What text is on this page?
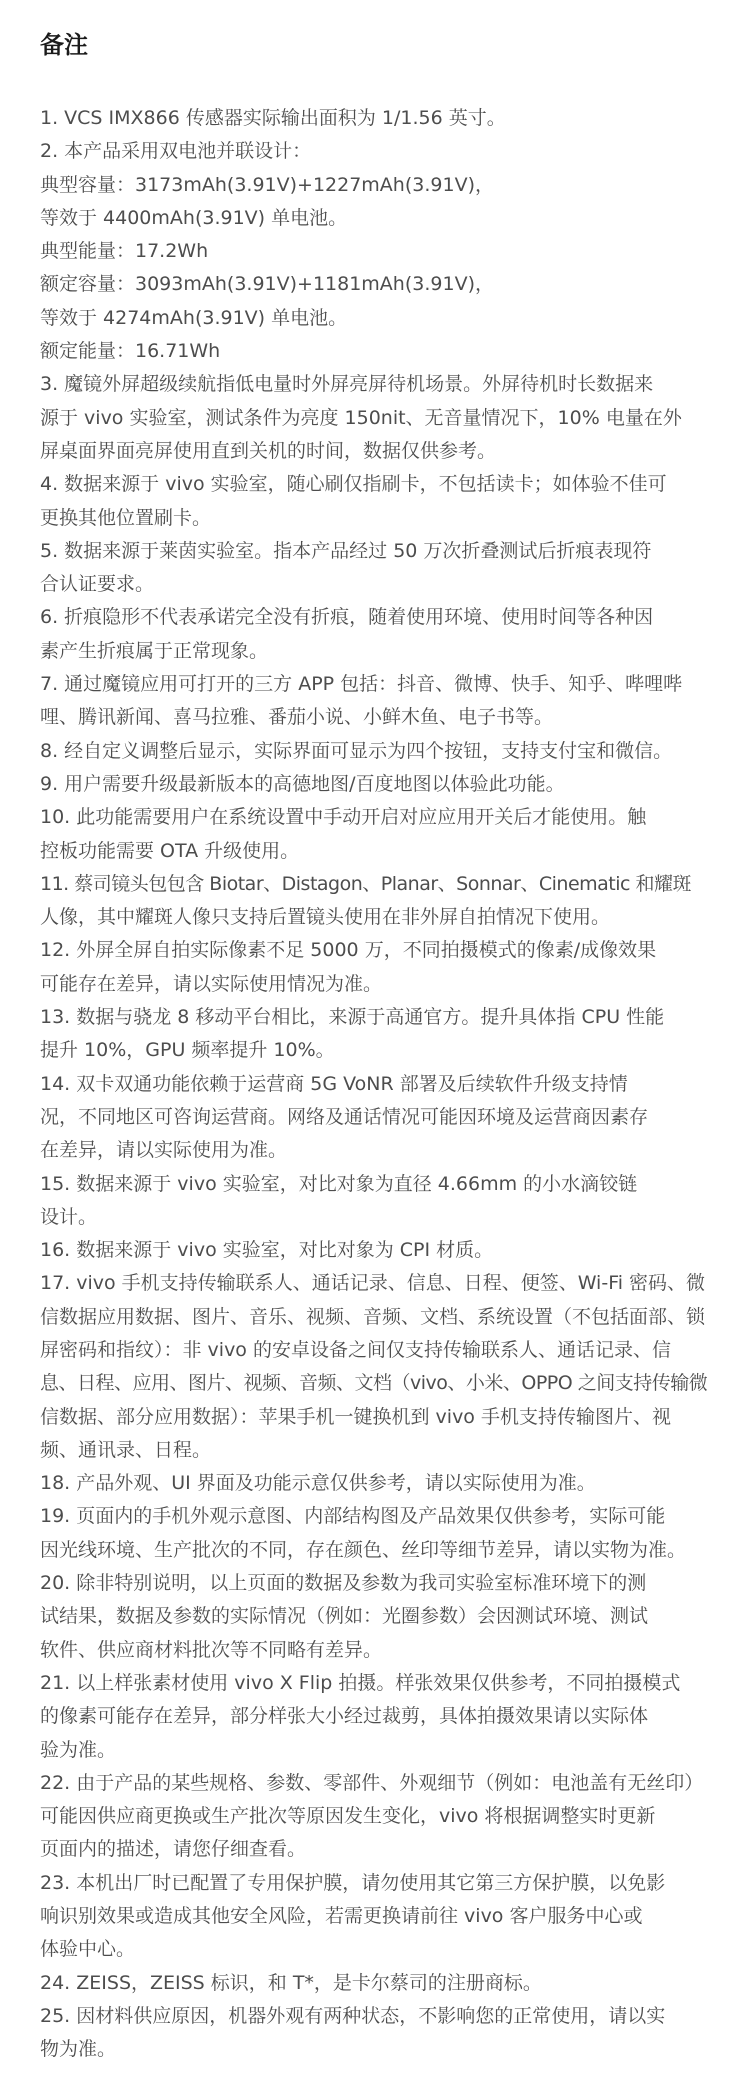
备注
1. VCS IMX866 传感器实际输出面积为 1/1.56 英寸。
2. 本产品采用双电池并联设计：
典型容量：3173mAh(3.91V)+1227mAh(3.91V)，
等效于 4400mAh(3.91V) 单电池。
典型能量：17.2Wh
额定容量：3093mAh(3.91V)+1181mAh(3.91V)，
等效于 4274mAh(3.91V) 单电池。
额定能量：16.71Wh
3. 魔镜外屏超级续航指低电量时外屏亮屏待机场景。外屏待机时长数据来
源于 vivo 实验室，测试条件为亮度 150nit、无音量情况下，10% 电量在外
屏桌面界面亮屏使用直到关机的时间，数据仅供参考。
4. 数据来源于 vivo 实验室，随心刷仅指刷卡，不包括读卡；如体验不佳可
更换其他位置刷卡。
5. 数据来源于莱茵实验室。指本产品经过 50 万次折叠测试后折痕表现符
合认证要求。
6. 折痕隐形不代表承诺完全没有折痕，随着使用环境、使用时间等各种因
素产生折痕属于正常现象。
7. 通过魔镜应用可打开的三方 APP 包括：抖音、微博、快手、知乎、哔哩哔
哩、腾讯新闻、喜马拉雅、番茄小说、小鲜木鱼、电子书等。
8. 经自定义调整后显示，实际界面可显示为四个按钮，支持支付宝和微信。
9. 用户需要升级最新版本的高德地图/百度地图以体验此功能。
10. 此功能需要用户在系统设置中手动开启对应应用开关后才能使用。触
控板功能需要 OTA 升级使用。
11. 蔡司镜头包包含 Biotar、Distagon、Planar、Sonnar、Cinematic 和耀斑
人像，其中耀斑人像只支持后置镜头使用在非外屏自拍情况下使用。
12. 外屏全屏自拍实际像素不足 5000 万，不同拍摄模式的像素/成像效果
可能存在差异，请以实际使用情况为准。
13. 数据与骁龙 8 移动平台相比，来源于高通官方。提升具体指 CPU 性能
提升 10%，GPU 频率提升 10%。
14. 双卡双通功能依赖于运营商 5G VoNR 部署及后续软件升级支持情
况，不同地区可咨询运营商。网络及通话情况可能因环境及运营商因素存
在差异，请以实际使用为准。
15. 数据来源于 vivo 实验室，对比对象为直径 4.66mm 的小水滴铰链
设计。
16. 数据来源于 vivo 实验室，对比对象为 CPI 材质。
17. vivo 手机支持传输联系人、通话记录、信息、日程、便签、Wi-Fi 密码、微
信数据应用数据、图片、音乐、视频、音频、文档、系统设置（不包括面部、锁
屏密码和指纹）：非 vivo 的安卓设备之间仅支持传输联系人、通话记录、信
息、日程、应用、图片、视频、音频、文档（vivo、小米、OPPO 之间支持传输微
信数据、部分应用数据）：苹果手机一键换机到 vivo 手机支持传输图片、视
频、通讯录、日程。
18. 产品外观、UI 界面及功能示意仅供参考，请以实际使用为准。
19. 页面内的手机外观示意图、内部结构图及产品效果仅供参考，实际可能
因光线环境、生产批次的不同，存在颜色、丝印等细节差异，请以实物为准。
20. 除非特别说明，以上页面的数据及参数为我司实验室标准环境下的测
试结果，数据及参数的实际情况（例如：光圈参数）会因测试环境、测试
软件、供应商材料批次等不同略有差异。
21. 以上样张素材使用 vivo X Flip 拍摄。样张效果仅供参考，不同拍摄模式
的像素可能存在差异，部分样张大小经过裁剪，具体拍摄效果请以实际体
验为准。
22. 由于产品的某些规格、参数、零部件、外观细节（例如：电池盖有无丝印）
可能因供应商更换或生产批次等原因发生变化，vivo 将根据调整实时更新
页面内的描述，请您仔细查看。
23. 本机出厂时已配置了专用保护膜，请勿使用其它第三方保护膜，以免影
响识别效果或造成其他安全风险，若需更换请前往 vivo 客户服务中心或
体验中心。
24. ZEISS，ZEISS 标识，和 T*，是卡尔蔡司的注册商标。
25. 因材料供应原因，机器外观有两种状态，不影响您的正常使用，请以实
物为准。
